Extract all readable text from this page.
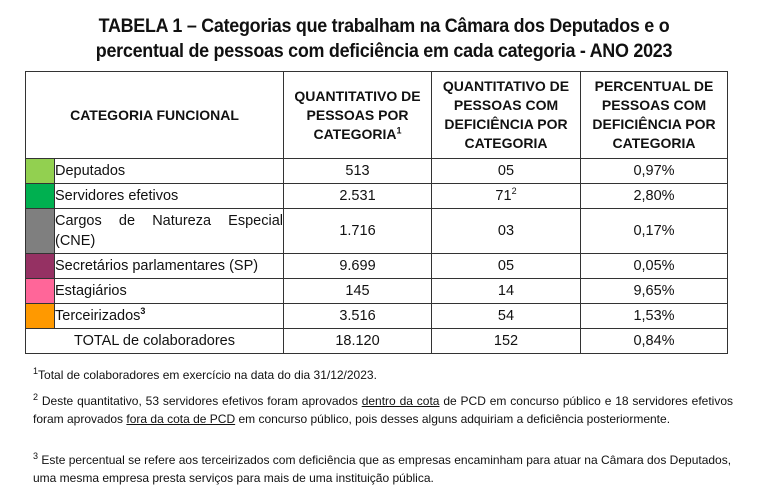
TABELA 1 – Categorias que trabalham na Câmara dos Deputados e o
percentual de pessoas com deficiência em cada categoria - ANO 2023
CATEGORIA FUNCIONAL		QUANTITATIVO DE PESSOAS POR CATEGORIA$^1$	QUANTITATIVO DE PESSOAS COM DEFICIÊNCIA POR CATEGORIA	PERCENTUAL DE PESSOAS COM DEFICIÊNCIA POR CATEGORIA
	Deputados	513	05	0,97%
	Servidores efetivos	2.531	$71^2$	2,80%
	Cargos de Natureza Especial (CNE)	1.716	03	0,17%
	Secretários parlamentares (SP)	9.699	05	0,05%
	Estagiários	145	14	9,65%
	Terceirizados$^3$	3.516	54	1,53%
TOTAL de colaboradores		18.120	152	0,84%
$^1$Total de colaboradores em exercício na data do dia 31/12/2023.
$^2$ Deste quantitativo, 53 servidores efetivos foram aprovados dentro da cota de PCD em concurso público e 18 servidores efetivos foram aprovados fora da cota de PCD em concurso público, pois desses alguns adquiriam a deficiência posteriormente.
$^3$ Este percentual se refere aos terceirizados com deficiência que as empresas encaminham para atuar na Câmara dos Deputados, uma mesma empresa presta serviços para mais de uma instituição pública.
